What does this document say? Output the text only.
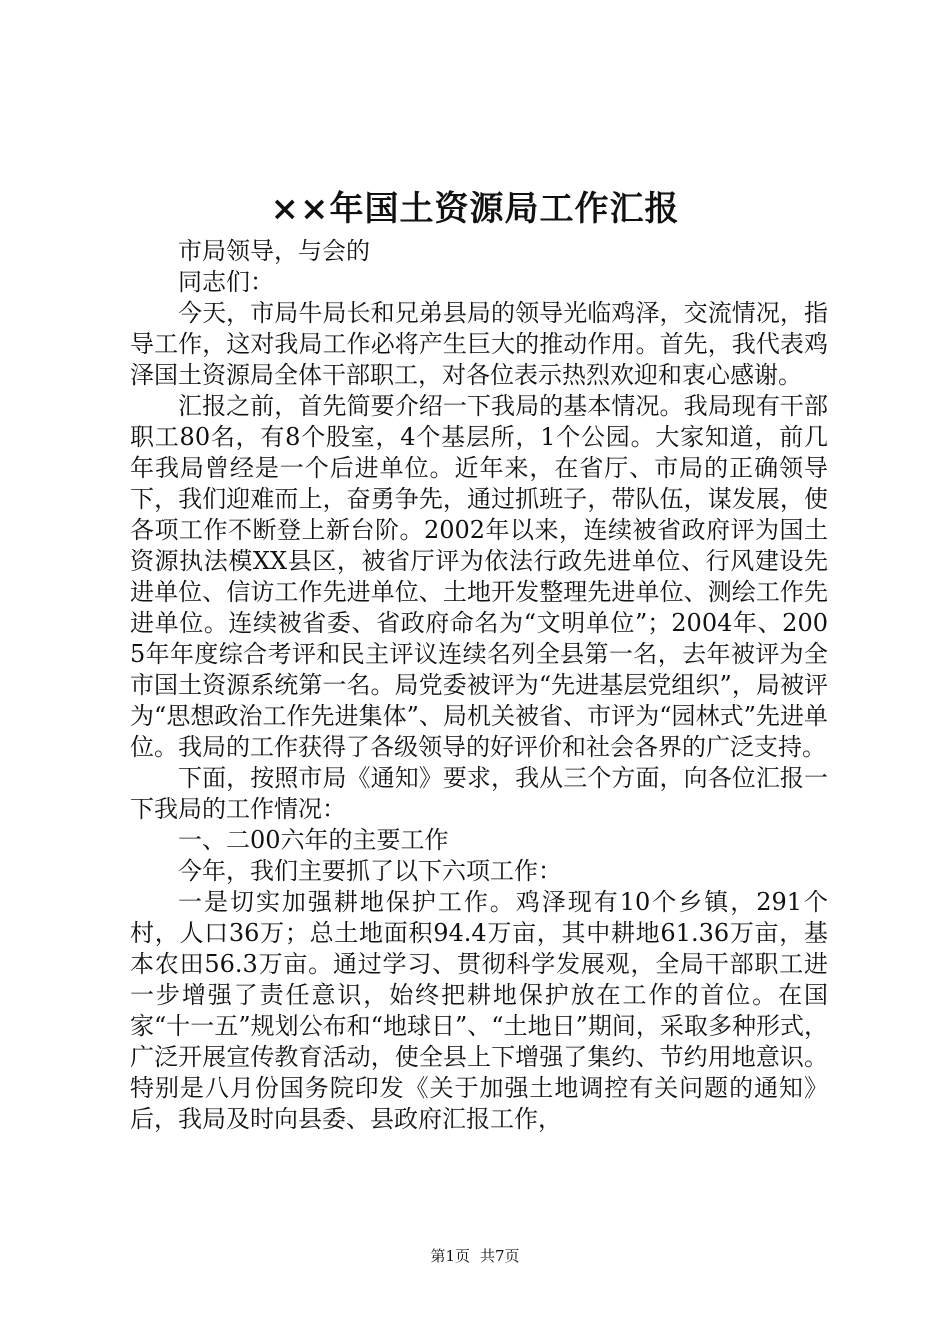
××年国土资源局工作汇报

市局领导，与会的

同志们：

今天，市局牛局长和兄弟县局的领导光临鸡泽，交流情况，指导工作，这对我局工作必将产生巨大的推动作用。首先，我代表鸡泽国土资源局全体干部职工，对各位表示热烈欢迎和衷心感谢。

汇报之前，首先简要介绍一下我局的基本情况。我局现有干部职工80名，有8个股室，4个基层所，1个公园。大家知道，前几年我局曾经是一个后进单位。近年来，在省厅、市局的正确领导下，我们迎难而上，奋勇争先，通过抓班子，带队伍，谋发展，使各项工作不断登上新台阶。2002年以来，连续被省政府评为国土资源执法模XX县区，被省厅评为依法行政先进单位、行风建设先进单位、信访工作先进单位、土地开发整理先进单位、测绘工作先进单位。连续被省委、省政府命名为“文明单位”；2004年、2005年年度综合考评和民主评议连续名列全县第一名，去年被评为全市国土资源系统第一名。局党委被评为“先进基层党组织”，局被评为“思想政治工作先进集体”、局机关被省、市评为“园林式”先进单位。我局的工作获得了各级领导的好评价和社会各界的广泛支持。

下面，按照市局《通知》要求，我从三个方面，向各位汇报一下我局的工作情况：

一、二00六年的主要工作

今年，我们主要抓了以下六项工作：

一是切实加强耕地保护工作。鸡泽现有10个乡镇，291个村，人口36万；总土地面积94.4万亩，其中耕地61.36万亩，基本农田56.3万亩。通过学习、贯彻科学发展观，全局干部职工进一步增强了责任意识，始终把耕地保护放在工作的首位。在国家“十一五”规划公布和“地球日”、“土地日”期间，采取多种形式，广泛开展宣传教育活动，使全县上下增强了集约、节约用地意识。特别是八月份国务院印发《关于加强土地调控有关问题的通知》后，我局及时向县委、县政府汇报工作，

第1页 共7页
